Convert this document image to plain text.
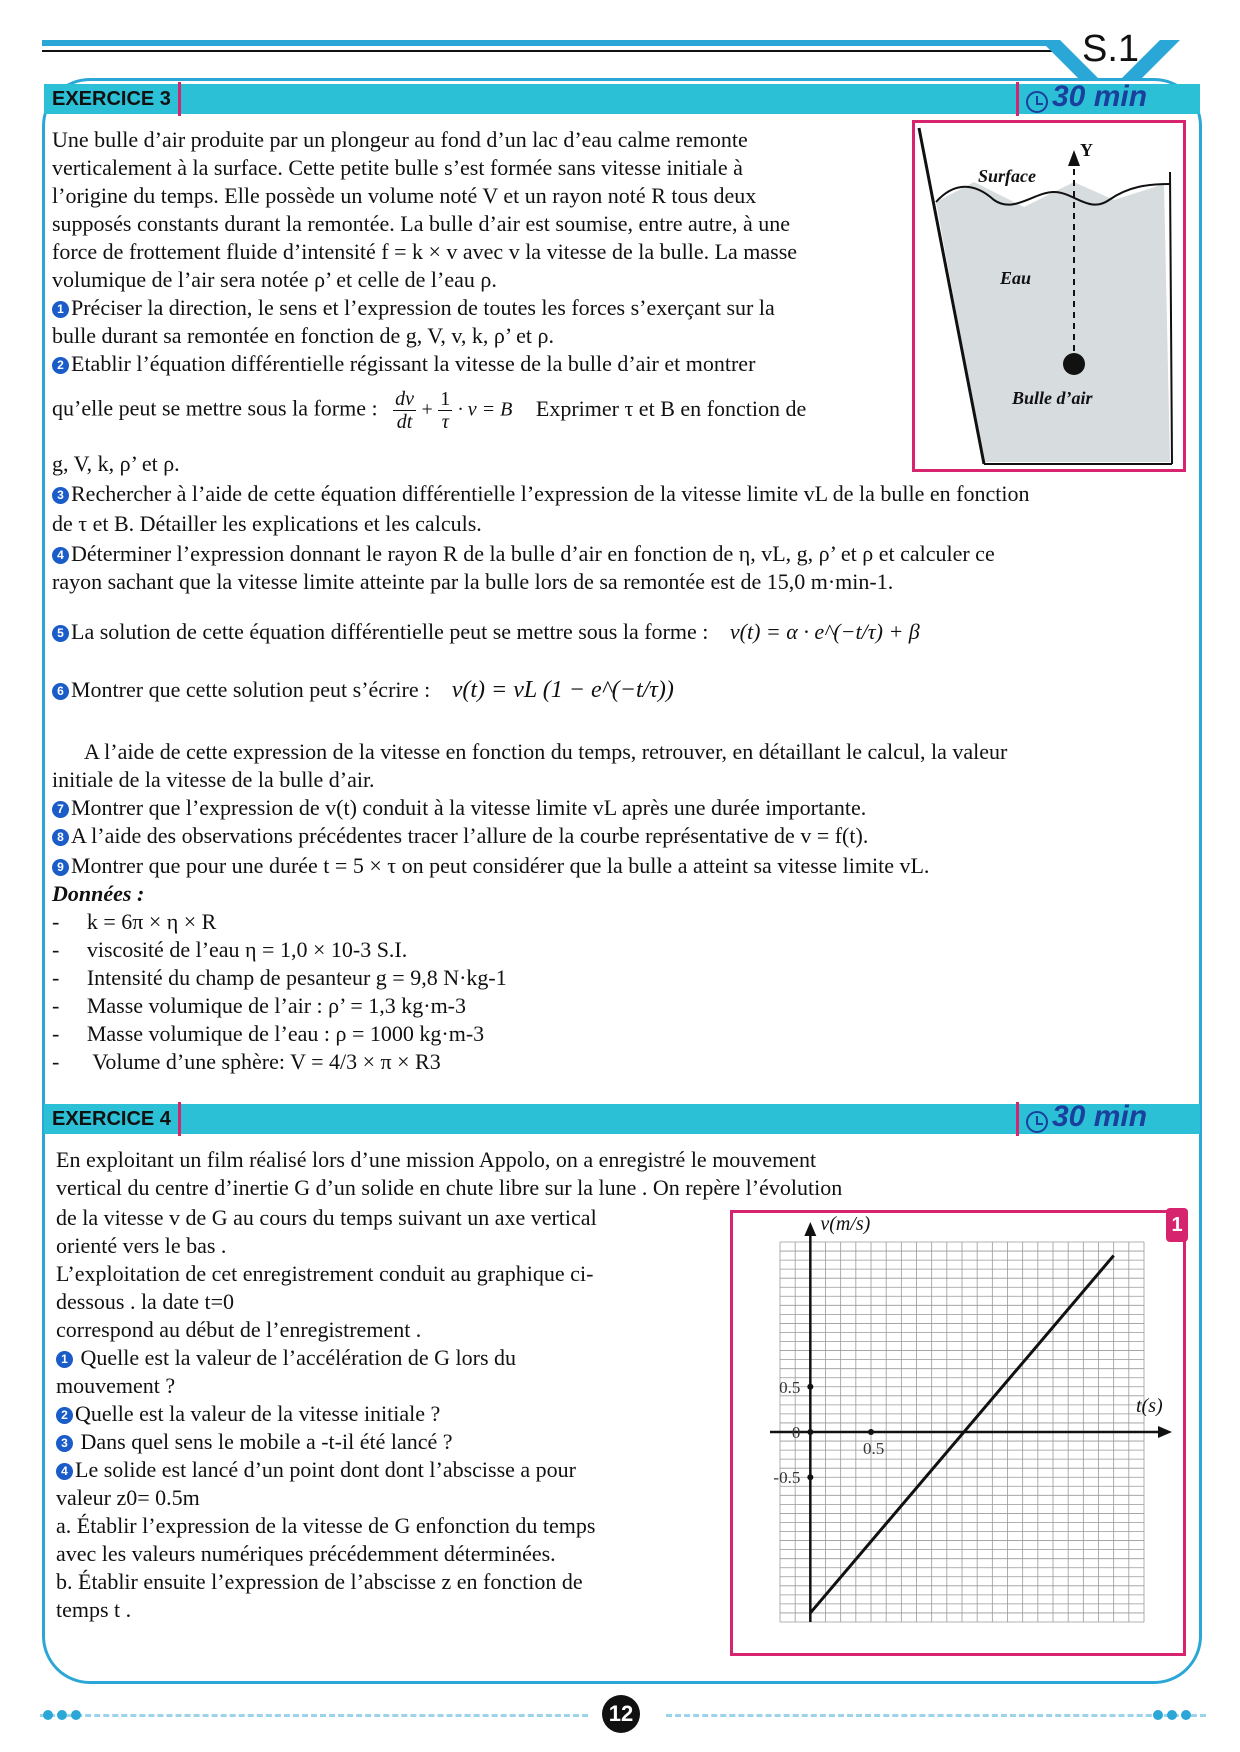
S.1
EXERCICE 3	30 min
Une bulle d’air produite par un plongeur au fond d’un lac d’eau calme remonte
verticalement à la surface. Cette petite bulle s’est formée sans vitesse initiale à
l’origine du temps. Elle possède un volume noté V et un rayon noté R tous deux
supposés constants durant la remontée. La bulle d’air est soumise, entre autre, à une
force de frottement fluide d’intensité f = k × v avec v la vitesse de la bulle. La masse
volumique de l’air sera notée ρ’ et celle de l’eau ρ.
1 Préciser la direction, le sens et l’expression de toutes les forces s’exerçant sur la
bulle durant sa remontée en fonction de g, V, v, k, ρ’ et ρ.
2 Etablir l’équation différentielle régissant la vitesse de la bulle d’air et montrer
qu’elle peut se mettre sous la forme : $\frac{dv}{dt} + \frac{1}{\tau} \cdot v = B$ Exprimer τ et B en fonction de
g, V, k, ρ’ et ρ.
Y
Surface
Eau
Bulle d’air
3 Rechercher à l’aide de cette équation différentielle l’expression de la vitesse limite vL de la bulle en fonction
de τ et B. Détailler les explications et les calculs.
4 Déterminer l’expression donnant le rayon R de la bulle d’air en fonction de η, vL, g, ρ’ et ρ et calculer ce
rayon sachant que la vitesse limite atteinte par la bulle lors de sa remontée est de 15,0 m·min-1.
5 La solution de cette équation différentielle peut se mettre sous la forme : v(t) = α · e^(−t/τ) + β
6 Montrer que cette solution peut s’écrire : v(t) = vL (1 − e^(−t/τ))
A l’aide de cette expression de la vitesse en fonction du temps, retrouver, en détaillant le calcul, la valeur
initiale de la vitesse de la bulle d’air.
7 Montrer que l’expression de v(t) conduit à la vitesse limite vL après une durée importante.
8 A l’aide des observations précédentes tracer l’allure de la courbe représentative de v = f(t).
9 Montrer que pour une durée t = 5 × τ on peut considérer que la bulle a atteint sa vitesse limite vL.
Données :
-     k = 6π × η × R
-     viscosité de l’eau η = 1,0 × 10-3 S.I.
-     Intensité du champ de pesanteur g = 9,8 N·kg-1
-     Masse volumique de l’air : ρ’ = 1,3 kg·m-3
-     Masse volumique de l’eau : ρ = 1000 kg·m-3
-      Volume d’une sphère: V = 4/3 × π × R3
EXERCICE 4	30 min
En exploitant un film réalisé lors d’une mission Appolo, on a enregistré le mouvement
vertical du centre d’inertie G d’un solide en chute libre sur la lune . On repère l’évolution
de la vitesse v de G au cours du temps suivant un axe vertical
orienté vers le bas .
L’exploitation de cet enregistrement conduit au graphique ci-
dessous . la date t=0
correspond au début de l’enregistrement .
1 Quelle est la valeur de l’accélération de G lors du
mouvement ?
2 Quelle est la valeur de la vitesse initiale ?
3 Dans quel sens le mobile a -t-il été lancé ?
4 Le solide est lancé d’un point dont dont l’abscisse a pour
valeur z0= 0.5m
a. Établir l’expression de la vitesse de G enfonction du temps
avec les valeurs numériques précédemment déterminées.
b. Établir ensuite l’expression de l’abscisse z en fonction de
temps t .
1
t(s)
v(m/s)
0.5
0
-0.5
0.5
12
